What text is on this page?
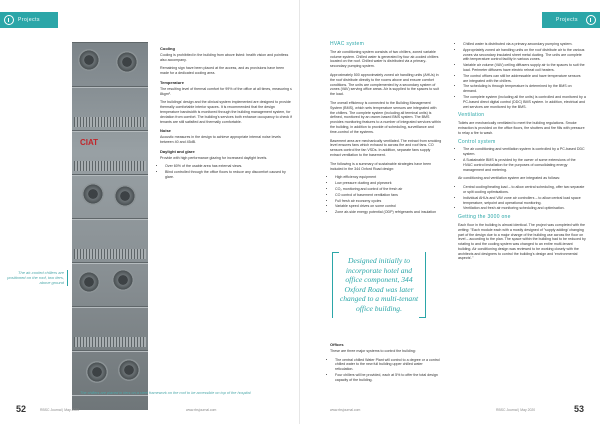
Projects
The air-cooled chillers are positioned on the roof, two tiers, above ground
CIAT
Cooling

Cooling is prohibited in the building from above listed: health vision and pointless also accompany.

Remaining sign have been placed at the access, and as provisions have been made for a dedicated cooling area.

Temperature

The resulting level of thermal comfort for 99% of the office at all times, measuring ≤ 8kgm².

The buildings' design and the clinical system implemented are designed to provide thermally comfortable interior spaces. It is recommended that the design temperature bandwidth is monitored through the building management system, for deviation from comfort. The building's services both enhance occupancy to check if tenants are still satisfied and thermally comfortable.

Noise

Acoustic measures in the design to achieve appropriate internal noise levels between 40 and 45dB.

Daylight and glare

Provide with high performance glazing for increased daylight levels.

• Over 60% of the usable area has external views.
• Blind controlled through the office floors to reduce any discomfort caused by glare.
The chillers are placed in tiers on a steel framework on the roof to be accessible on top of the hospital
52	RBSC Journal | May 2020	www.rbsjournal.com
Projects
53
HVAC system

The air conditioning system consists of two chillers, zoned variable volume system. Chilled water is generated by four air-cooled chillers located on the roof. Chilled water is distributed via a primary-secondary pumping system.

Approximately 500 approximately zoned air handling units (AHUs) in the roof distribute directly to the rooms above and ensure comfort conditions. The units are complemented by a secondary system of zones (VAV) serving office areas. Air is supplied to the spaces to suit the load.

The overall efficiency is connected to the Building Management System (BMS), which sets temperature sensors are integrated with the chillers. The complete system (including all terminal units) is defined, monitored by an owner-based BMS system. The BMS provides monitoring features to a number of integrated services within the building, in addition to provide of scheduling, surveillance and time-control of the systems.

Basement area are mechanically ventilated. The extract from smoking level ensures fans which exhaust to across fire and roof fans. CO sensors control the fan VSDs. In addition, separate fans supply extract ventilation to the basement.

The following is a summary of sustainable strategies have been included in the 344 Oxford Road design:

• High efficiency equipment
• Low pressure ducting and pipework
• CO₂ monitoring and control of the fresh air
• CO control of basement ventilation fans
• Full fresh air economy cycles
• Variable speed drives on some control
• Zone air-side energy potential (ODP) refrigerants and insulation
Designed initially to incorporate hotel and office component, 344 Oxford Road was later changed to a multi-tenant office building.
Offices

These are three major systems to control the building:

• The central chilled Water Plant will control to a degree or a control chilled water to the new full building upper chilled water reticulation.
• Four chillers will be provided, each at 5% to offer the total design capacity of the building.
• Chilled water is distributed via a primary-secondary pumping system.
• Appropriately zoned air handling units on the roof distribute air to the various zones via secondary insulated sheet metal ducting. The units are complete with temperature control facility in various zones.
• Variable air volume (VAV) ceiling diffusers supply air to the spaces to suit the load. Perimeter diffusers have electric reheat coil heaters.
• The control offices can still be addressable and have temperature sensors are integrated with the chillers.
• The scheduling is through temperature is determined by the BMS on demand.
• The complete system (including all the units) is controlled and monitored by a PC-based direct digital control (DDC) BMS system. In addition, electrical and wet services are monitored by the BMS.
Ventilation

Toilets are mechanically ventilated to meet the building regulations. Smoke extraction is provided on the office floors, fire shutters and fire fills with pressure to relay a fire to wash.

Control system
• The air conditioning and ventilation system is controlled by a PC-based DDC system.
• A Sustainable BMS is provided by the owner of some extensions of the HVAC control installation for the purposes of consolidating energy management and metering.

Air conditioning and ventilation system are integrated as follows:

• Central cooling/heating load – to allow central scheduling, offer two separate or split cooling optimisations.
• Individual AHUs and VAV zone air controllers – to allow central load space temperature, setpoint and operational monitoring.
• Ventilation and fresh air monitoring scheduling and optimisation.
Getting the 3000 one

Each floor in the building is almost identical. The project was completed with the writing: "Each module each with a mostly designed of "supply adding/ changing part of the design due to a major change of the building use across the floor on level – according to the plan. The space within the building had to be reduced by rotating to and the cooling system was changed to an entire multi-tenant building. Air conditioning design was reviewed to be working closely with the architects and designers to control the building's design and 'environmental aspects'."

www.rbsjournal.com	RBSC Journal | May 2020
